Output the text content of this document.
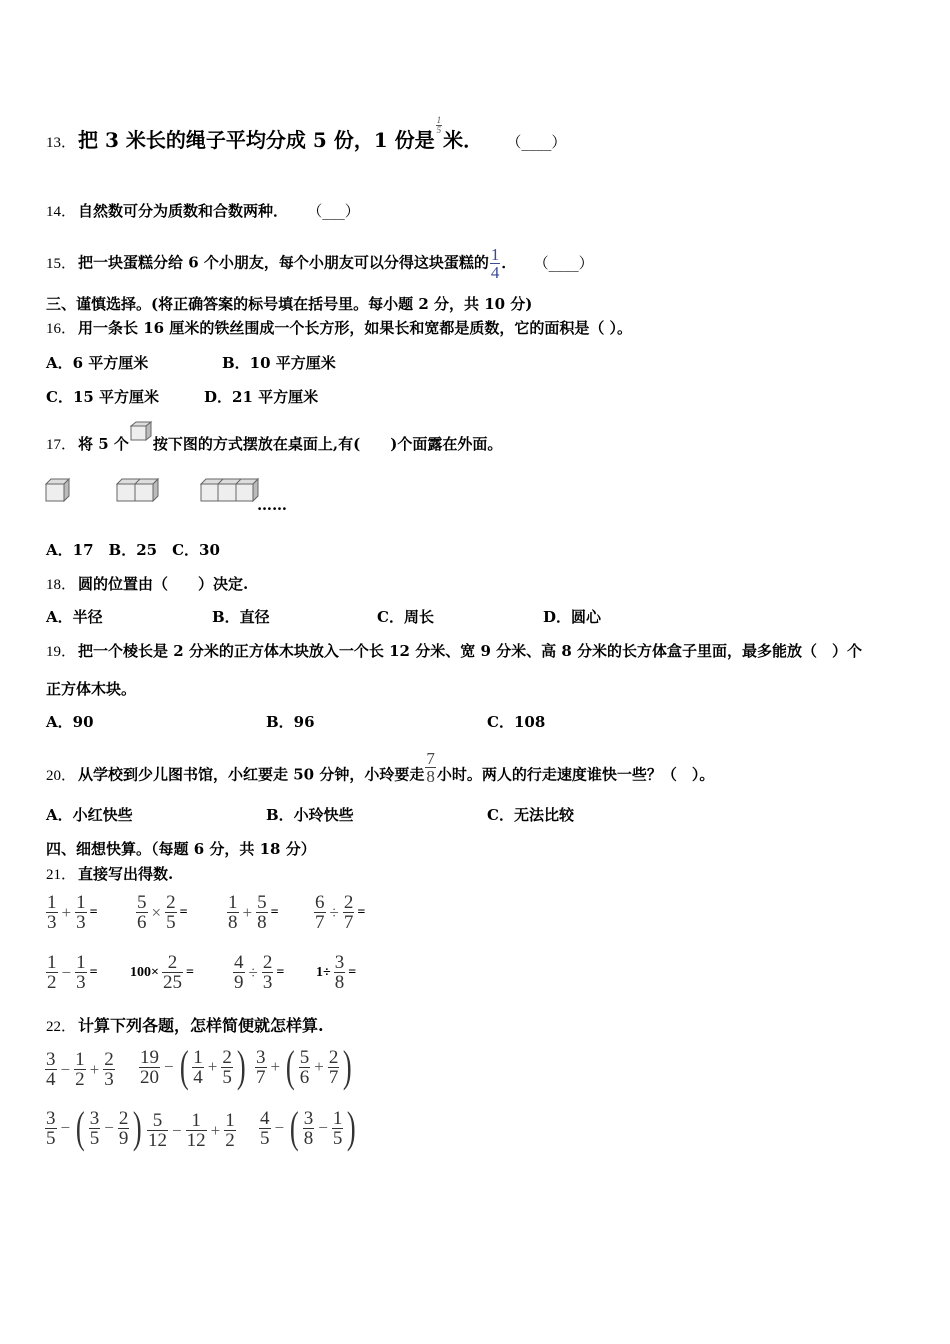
13． 把 3 米长的绳子平均分成 5 份，1 份是
$\frac{1}{5}$
米． （____）
14． 自然数可分为质数和合数两种． （___）
15． 把一块蛋糕分给 6 个小朋友，每个小朋友可以分得这块蛋糕的 $\frac{1}{4}$ ． （____）
三、谨慎选择。(将正确答案的标号填在括号里。每小题 2 分，共 10 分)
16． 用一条长 16 厘米的铁丝围成一个长方形，如果长和宽都是质数，它的面积是（ ）。
A．6 平方厘米	B．10 平方厘米
C．15 平方厘米	D．21 平方厘米
17． 将 5 个 按下图的方式摆放在桌面上,有(　　)个面露在外面。
……
A．17　B．25　C．30
18． 圆的位置由（　　）决定.
A．半径	B．直径	C．周长	D．圆心
19． 把一个棱长是 2 分米的正方体木块放入一个长 12 分米、宽 9 分米、高 8 分米的长方体盒子里面，最多能放（　）个
正方体木块。
A．90	B．96	C．108
20． 从学校到少儿图书馆，小红要走 50 分钟，小玲要走 $\frac{7}{8}$ 小时。两人的行走速度谁快一些？（　）。
A．小红快些	B．小玲快些	C．无法比较
四、细想快算。（每题 6 分，共 18 分）
21． 直接写出得数.
$\frac{1}{3} + \frac{1}{3} = \frac{5}{6} \times \frac{2}{5} = \frac{1}{8} + \frac{5}{8} = \frac{6}{7} \div \frac{2}{7}$ =
$\frac{1}{2} - \frac{1}{3} = 100\times \frac{2}{25} = \frac{4}{9} \div \frac{2}{3} = 1\div \frac{3}{8}$ =
22． 计算下列各题，怎样简便就怎样算.
$\frac{3}{4} - \frac{1}{2} + \frac{2}{3} \frac{19}{20}$ − ( $\frac{1}{4} + \frac{2}{5}$ ) $\frac{3}{7}$ + ( $\frac{5}{6} + \frac{2}{7}$ )
$\frac{3}{5}$ − ( $\frac{3}{5} - \frac{2}{9}$ ) $\frac{5}{12} - \frac{1}{12} + \frac{1}{2} \frac{4}{5}$ − ( $\frac{3}{8} - \frac{1}{5}$ )
